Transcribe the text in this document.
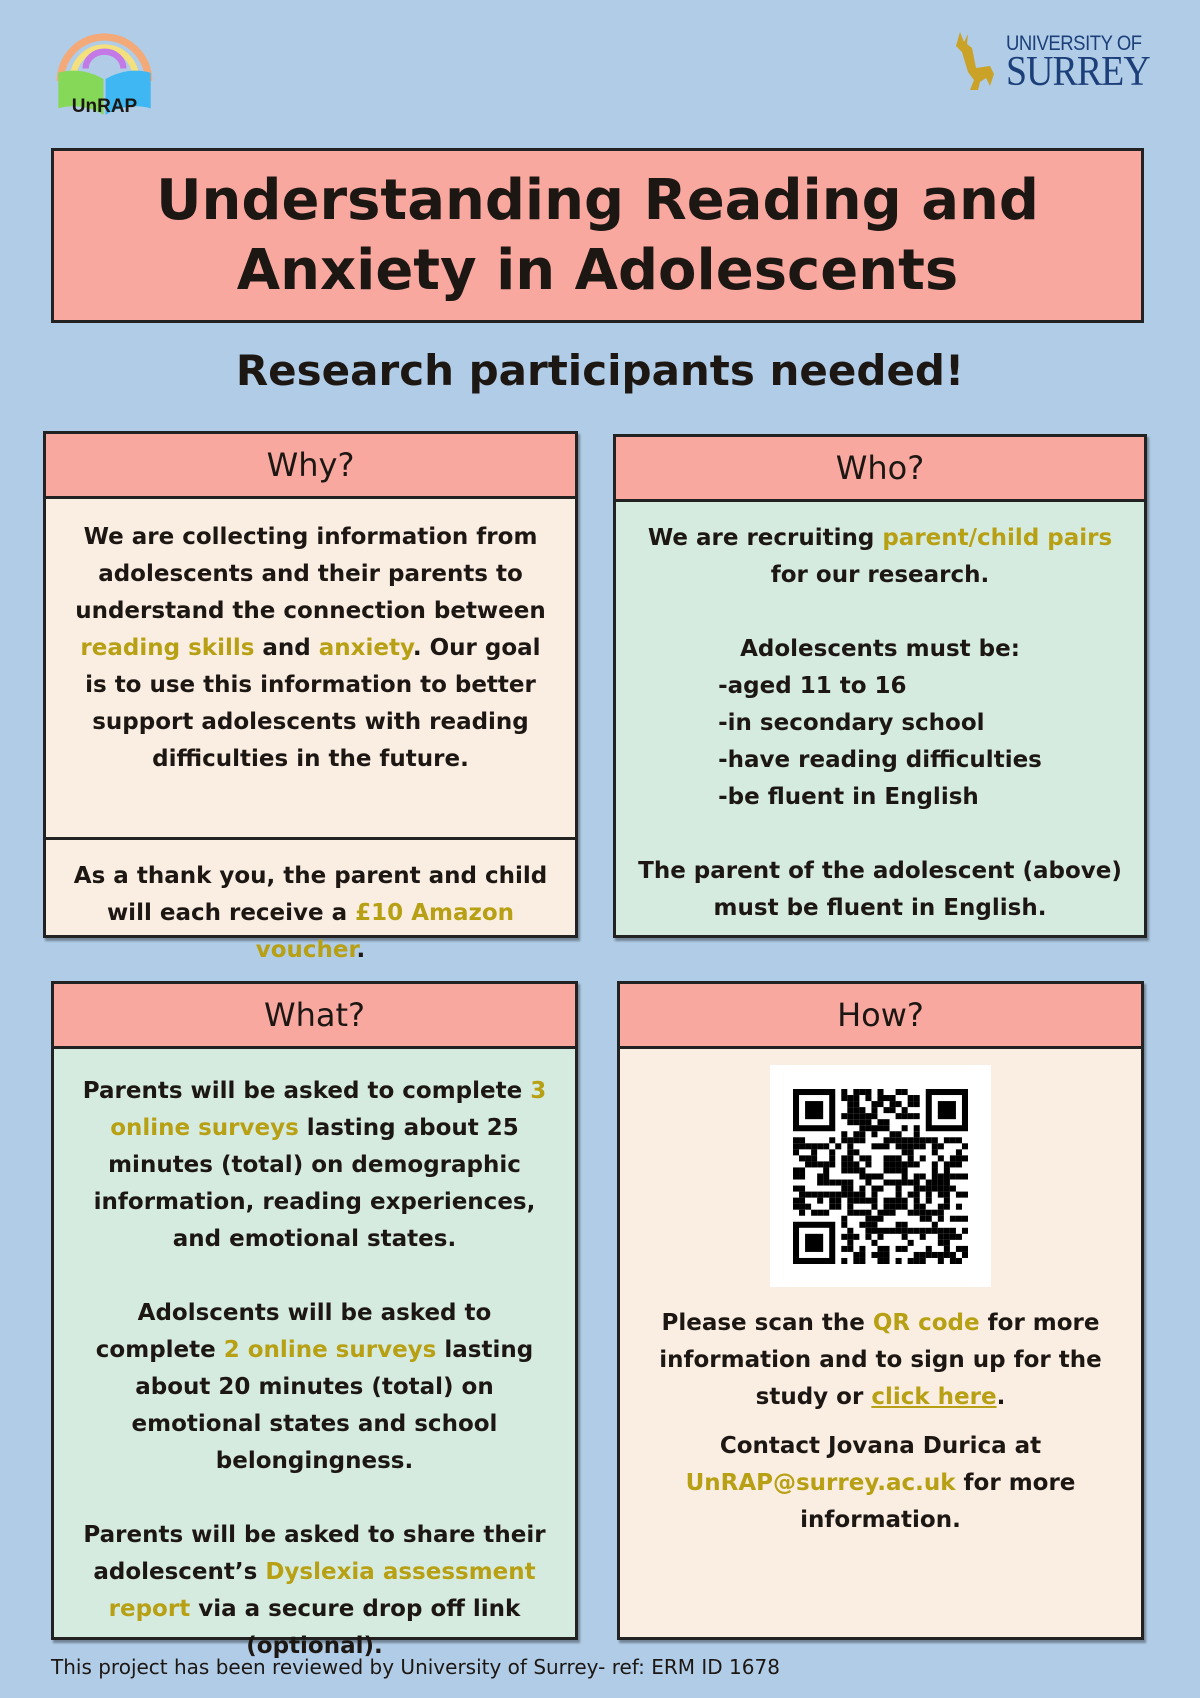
UnRAP
UNIVERSITY OF
SURREY
Understanding Reading and Anxiety in Adolescents
Research participants needed!
Why?

We are collecting information from adolescents and their parents to understand the connection between reading skills and anxiety. Our goal is to use this information to better support adolescents with reading difficulties in the future.

As a thank you, the parent and child will each receive a £10 Amazon voucher.
Who?

We are recruiting parent/child pairs for our research.

Adolescents must be:
-aged 11 to 16
-in secondary school
-have reading difficulties
-be fluent in English

The parent of the adolescent (above) must be fluent in English.

What?

Parents will be asked to complete 3 online surveys lasting about 25 minutes (total) on demographic information, reading experiences, and emotional states.

Adolscents will be asked to complete 2 online surveys lasting about 20 minutes (total) on emotional states and school belongingness.

Parents will be asked to share their adolescent’s Dyslexia assessment report via a secure drop off link (optional).

How?

Please scan the QR code for more information and to sign up for the study or click here.

Contact Jovana Durica at UnRAP@surrey.ac.uk for more information.

This project has been reviewed by University of Surrey- ref: ERM ID 1678
